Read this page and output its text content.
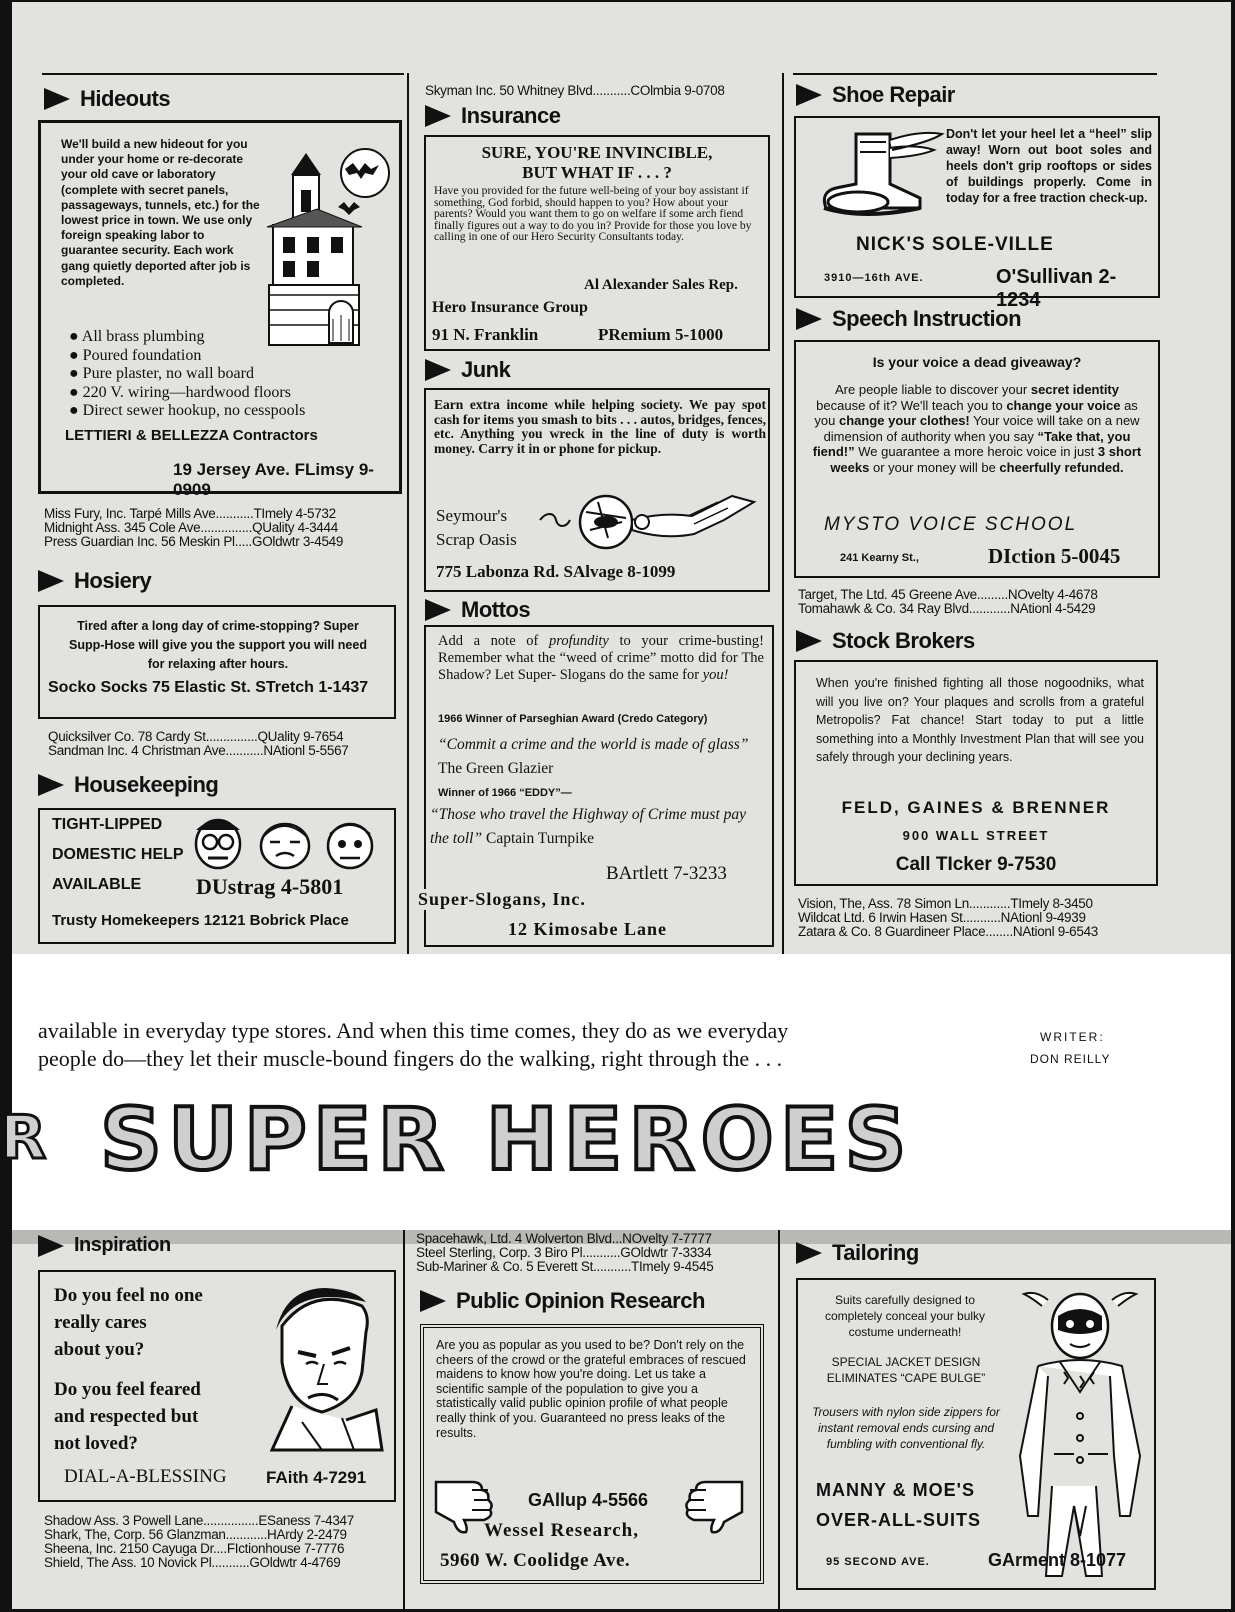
Hideouts
We'll build a new hideout for you under your home or re-decorate your old cave or laboratory (complete with secret panels, passageways, tunnels, etc.) for the lowest price in town. We use only foreign speaking labor to guarantee security. Each work gang quietly deported after job is completed.
● All brass plumbing
● Poured foundation
● Pure plaster, no wall board
● 220 V. wiring—hardwood floors
● Direct sewer hookup, no cesspools
LETTIERI & BELLEZZA Contractors
19 Jersey Ave. FLimsy 9-0909
Miss Fury, Inc. Tarpé Mills Ave...........TImely 4-5732
Midnight Ass. 345 Cole Ave...............QUality 4-3444
Press Guardian Inc. 56 Meskin Pl.....GOldwtr 3-4549
Hosiery
Tired after a long day of crime-stopping? Super Supp-Hose will give you the support you will need for relaxing after hours.
Socko Socks 75 Elastic St. STretch 1-1437
Quicksilver Co. 78 Cardy St...............QUality 9-7654
Sandman Inc. 4 Christman Ave...........NAtionl 5-5567
Housekeeping
TIGHT-LIPPED
DOMESTIC HELP
AVAILABLE DUstrag 4-5801
Trusty Homekeepers 12121 Bobrick Place
Skyman Inc. 50 Whitney Blvd...........COlmbia 9-0708
Insurance
SURE, YOU'RE INVINCIBLE,
BUT WHAT IF . . . ?
Have you provided for the future well-being of your boy assistant if something, God forbid, should happen to you? How about your parents? Would you want them to go on welfare if some arch fiend finally figures out a way to do you in? Provide for those you love by calling in one of our Hero Security Consultants today.
Al Alexander Sales Rep.
Hero Insurance Group
91 N. Franklin	PRemium 5-1000
Junk
Earn extra income while helping society. We pay spot cash for items you smash to bits . . . autos, bridges, fences, etc. Anything you wreck in the line of duty is worth money. Carry it in or phone for pickup.
Seymour's
Scrap Oasis
775 Labonza Rd. SAlvage 8-1099
Mottos
Add a note of profundity to your crime-busting! Remember what the “weed of crime” motto did for The Shadow? Let Super- Slogans do the same for you!
1966 Winner of Parseghian Award (Credo Category)
“Commit a crime and the world is made of glass” The Green Glazier
Winner of 1966 “EDDY”—
“Those who travel the Highway of Crime must pay the toll” Captain Turnpike
BArtlett 7-3233
Super-Slogans, Inc.
12 Kimosabe Lane
Shoe Repair
Don't let your heel let a “heel” slip away! Worn out boot soles and heels don't grip rooftops or sides of buildings properly. Come in today for a free traction check-up.
NICK'S SOLE-VILLE
3910—16th AVE.	O'Sullivan 2-1234
Speech Instruction
Is your voice a dead giveaway?
Are people liable to discover your secret identity because of it? We'll teach you to change your voice as you change your clothes! Your voice will take on a new dimension of authority when you say “Take that, you fiend!” We guarantee a more heroic voice in just 3 short weeks or your money will be cheerfully refunded.
MYSTO VOICE SCHOOL
241 Kearny St.,	DIction 5-0045
Target, The Ltd. 45 Greene Ave.........NOvelty 4-4678
Tomahawk & Co. 34 Ray Blvd............NAtionl 4-5429
Stock Brokers
When you're finished fighting all those nogoodniks, what will you live on? Your plaques and scrolls from a grateful Metropolis? Fat chance! Start today to put a little something into a Monthly Investment Plan that will see you safely through your declining years.
FELD, GAINES & BRENNER
900 WALL STREET
Call TIcker 9-7530
Vision, The, Ass. 78 Simon Ln............TImely 8-3450
Wildcat Ltd. 6 Irwin Hasen St...........NAtionl 9-4939
Zatara & Co. 8 Guardineer Place........NAtionl 9-6543
available in everyday type stores. And when this time comes, they do as we everyday
people do—they let their muscle-bound fingers do the walking, right through the . . .
WRITER:
DON REILLY
R SUPER HEROES
Inspiration
Do you feel no one
really cares
about you?
Do you feel feared
and respected but
not loved?
DIAL-A-BLESSING FAith 4-7291
Shadow Ass. 3 Powell Lane................ESaness 7-4347
Shark, The, Corp. 56 Glanzman............HArdy 2-2479
Sheena, Inc. 2150 Cayuga Dr....FIctionhouse 7-7776
Shield, The Ass. 10 Novick Pl...........GOldwtr 4-4769
Spacehawk, Ltd. 4 Wolverton Blvd...NOvelty 7-7777
Steel Sterling, Corp. 3 Biro Pl...........GOldwtr 7-3334
Sub-Mariner & Co. 5 Everett St...........TImely 9-4545
Public Opinion Research
Are you as popular as you used to be? Don't rely on the cheers of the crowd or the grateful embraces of rescued maidens to know how you're doing. Let us take a scientific sample of the population to give you a statistically valid public opinion profile of what people really think of you. Guaranteed no press leaks of the results.
GAllup 4-5566
Wessel Research,
5960 W. Coolidge Ave.
Tailoring
Suits carefully designed to completely conceal your bulky costume underneath!
SPECIAL JACKET DESIGN ELIMINATES “CAPE BULGE”
Trousers with nylon side zippers for instant removal ends cursing and fumbling with conventional fly.
MANNY & MOE'S
OVER-ALL-SUITS
95 SECOND AVE.	GArment 8-1077
